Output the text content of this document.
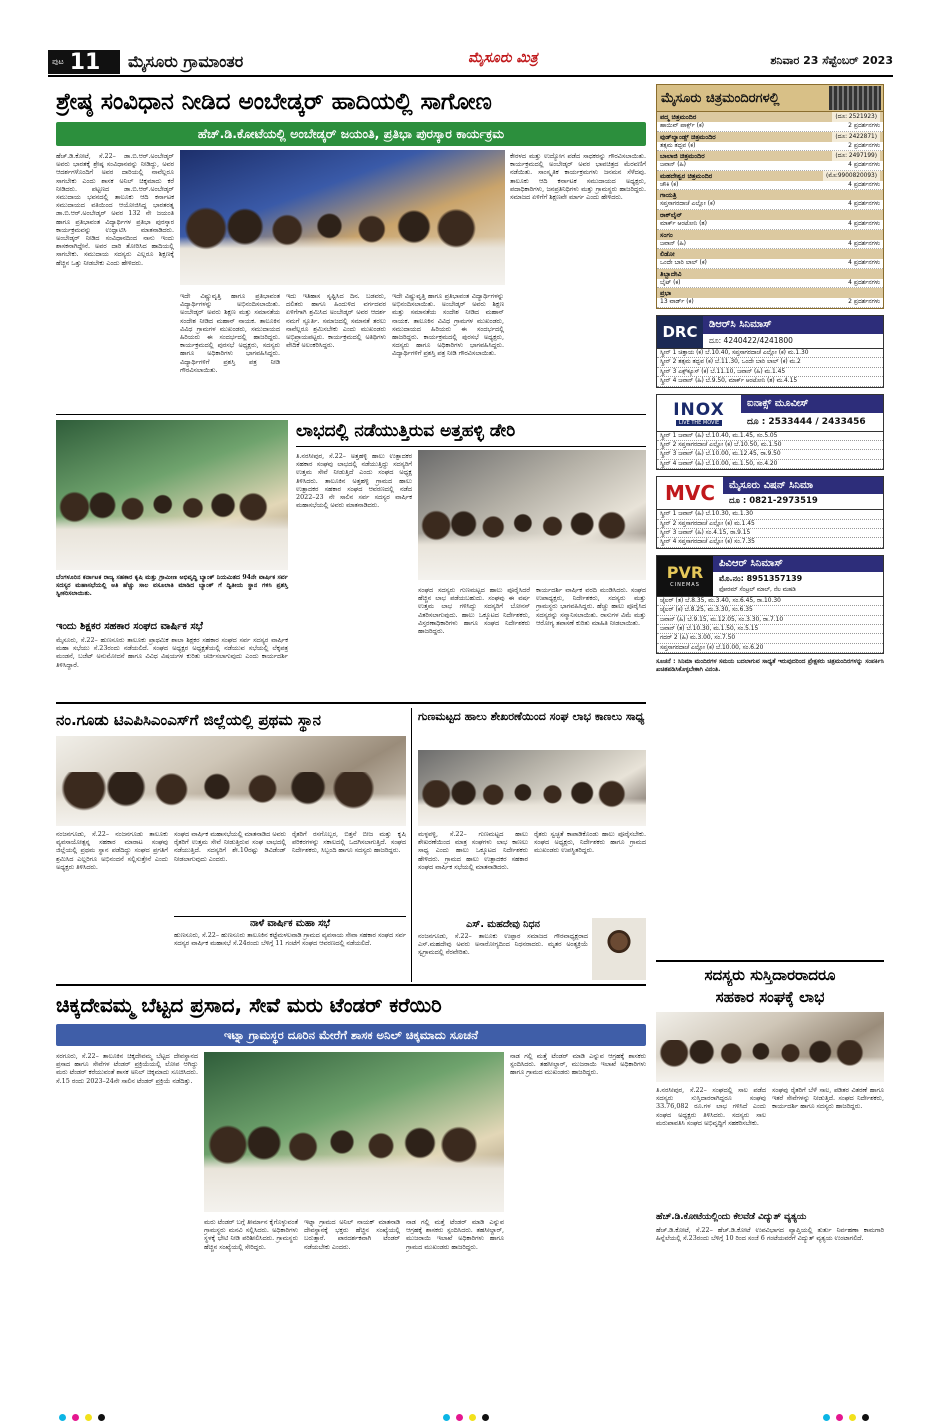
ಪುಟ 11 ಮೈಸೂರು ಗ್ರಾಮಾಂತರ	ಮೈಸೂರು ಮಿತ್ರ	ಶನಿವಾರ 23 ಸೆಪ್ಟೆಂಬರ್ 2023
ಶ್ರೇಷ್ಠ ಸಂವಿಧಾನ ನೀಡಿದ ಅಂಬೇಡ್ಕರ್ ಹಾದಿಯಲ್ಲಿ ಸಾಗೋಣ
ಹೆಚ್.ಡಿ.ಕೋಟೆಯಲ್ಲಿ ಅಂಬೇಡ್ಕರ್ ಜಯಂತಿ, ಪ್ರತಿಭಾ ಪುರಸ್ಕಾರ ಕಾರ್ಯಕ್ರಮ
ಹೆಚ್.ಡಿ.ಕೋಟೆ, ಸೆ.22– ಡಾ.ಬಿ.ಆರ್.ಅಂಬೇಡ್ಕರ್ ಅವರು ಭಾರತಕ್ಕೆ ಶ್ರೇಷ್ಠ ಸಂವಿಧಾನವನ್ನು ನೀಡಿದ್ದು, ಅವರ ಆದರ್ಶಗಳೊಂದಿಗೆ ಅವರ ದಾರಿಯಲ್ಲಿ ನಾವೆಲ್ಲರೂ ಸಾಗಬೇಕು ಎಂದು ಶಾಸಕ ಅನಿಲ್ ಚಿಕ್ಕಮಾದು ಕರೆ ನೀಡಿದರು. ಪಟ್ಟಣದ ಡಾ.ಬಿ.ಆರ್.ಅಂಬೇಡ್ಕರ್ ಸಮುದಾಯ ಭವನದಲ್ಲಿ ತಾಲೂಕು ಆದಿ ಕರ್ನಾಟಕ ಸಮುದಾಯದ ವತಿಯಿಂದ ಆಯೋಜಿಸಿದ್ದ ಭಾರತರತ್ನ ಡಾ.ಬಿ.ಆರ್.ಅಂಬೇಡ್ಕರ್ ಅವರ 132 ನೇ ಜಯಂತಿ ಹಾಗೂ ಪ್ರತಿಭಾವಂತ ವಿದ್ಯಾರ್ಥಿಗಳ ಪ್ರತಿಭಾ ಪುರಸ್ಕಾರ ಕಾರ್ಯಕ್ರಮವನ್ನು ಉದ್ಘಾಟಿಸಿ ಮಾತನಾಡಿದರು. ಅಂಬೇಡ್ಕರ್ ನೀಡಿದ ಸಂವಿಧಾನದಿಂದ ನಾನು ಇಂದು ಶಾಸಕನಾಗಿದ್ದೇನೆ. ಅವರ ದಾರಿ ತೋರಿಸಿದ ಹಾದಿಯಲ್ಲಿ ಸಾಗಬೇಕು. ಸಮುದಾಯ ಸದಸ್ಯರು ಎಲ್ಲರೂ ಶಿಕ್ಷಣಕ್ಕೆ ಹೆಚ್ಚಿನ ಒತ್ತು ನೀಡಬೇಕು ಎಂದು ಹೇಳಿದರು.
ಇದೇ ವಿಷ್ಣುವೃತ್ತಿ ಹಾಗೂ ಪ್ರತಿಭಾವಂತ ವಿದ್ಯಾರ್ಥಿಗಳನ್ನು ಅಭಿನಂದಿಸಲಾಯಿತು. ಅಂಬೇಡ್ಕರ್ ಅವರು ಶಿಕ್ಷಣ ಮತ್ತು ಸಮಾನತೆಯ ಸಂದೇಶ ನೀಡಿದ ಮಹಾನ್ ನಾಯಕ. ತಾಲೂಕಿನ ವಿವಿಧ ಗ್ರಾಮಗಳ ಮುಖಂಡರು, ಸಮುದಾಯದ ಹಿರಿಯರು ಈ ಸಂದರ್ಭದಲ್ಲಿ ಹಾಜರಿದ್ದರು. ಕಾರ್ಯಕ್ರಮದಲ್ಲಿ ಪುರಸಭೆ ಅಧ್ಯಕ್ಷರು, ಸದಸ್ಯರು ಹಾಗೂ ಅಧಿಕಾರಿಗಳು ಭಾಗವಹಿಸಿದ್ದರು. ವಿದ್ಯಾರ್ಥಿಗಳಿಗೆ ಪ್ರಶಸ್ತಿ ಪತ್ರ ನೀಡಿ ಗೌರವಿಸಲಾಯಿತು.
ಇದು ಇತಿಹಾಸ ಸೃಷ್ಟಿಸಿದ ದಿನ. ಬಡವರು, ದಲಿತರು ಹಾಗೂ ಹಿಂದುಳಿದ ವರ್ಗದವರ ಏಳಿಗೆಗಾಗಿ ಶ್ರಮಿಸಿದ ಅಂಬೇಡ್ಕರ್ ಅವರ ಆದರ್ಶ ನಮಗೆ ಸ್ಫೂರ್ತಿ. ಸಮಾಜದಲ್ಲಿ ಸಮಾನತೆ ತರಲು ನಾವೆಲ್ಲರೂ ಶ್ರಮಿಸಬೇಕು ಎಂದು ಮುಖಂಡರು ಅಭಿಪ್ರಾಯಪಟ್ಟರು. ಕಾರ್ಯಕ್ರಮದಲ್ಲಿ ಅತಿಥಿಗಳು ವೇದಿಕೆ ಅಲಂಕರಿಸಿದ್ದರು.
ಇದೇ ವಿಷ್ಣುವೃತ್ತಿ ಹಾಗೂ ಪ್ರತಿಭಾವಂತ ವಿದ್ಯಾರ್ಥಿಗಳನ್ನು ಅಭಿನಂದಿಸಲಾಯಿತು. ಅಂಬೇಡ್ಕರ್ ಅವರು ಶಿಕ್ಷಣ ಮತ್ತು ಸಮಾನತೆಯ ಸಂದೇಶ ನೀಡಿದ ಮಹಾನ್ ನಾಯಕ. ತಾಲೂಕಿನ ವಿವಿಧ ಗ್ರಾಮಗಳ ಮುಖಂಡರು, ಸಮುದಾಯದ ಹಿರಿಯರು ಈ ಸಂದರ್ಭದಲ್ಲಿ ಹಾಜರಿದ್ದರು. ಕಾರ್ಯಕ್ರಮದಲ್ಲಿ ಪುರಸಭೆ ಅಧ್ಯಕ್ಷರು, ಸದಸ್ಯರು ಹಾಗೂ ಅಧಿಕಾರಿಗಳು ಭಾಗವಹಿಸಿದ್ದರು. ವಿದ್ಯಾರ್ಥಿಗಳಿಗೆ ಪ್ರಶಸ್ತಿ ಪತ್ರ ನೀಡಿ ಗೌರವಿಸಲಾಯಿತು.
ಕೇರಳದ ಮತ್ತು ಉದ್ಯೋಗ ಪಡೆದ ಸಾಧಕರನ್ನು ಗೌರವಿಸಲಾಯಿತು. ಕಾರ್ಯಕ್ರಮದಲ್ಲಿ ಅಂಬೇಡ್ಕರ್ ಅವರ ಭಾವಚಿತ್ರದ ಮೆರವಣಿಗೆ ನಡೆಯಿತು. ಸಾಂಸ್ಕೃತಿಕ ಕಾರ್ಯಕ್ರಮಗಳು ಜನಮನ ಸೆಳೆದವು. ತಾಲೂಕು ಆದಿ ಕರ್ನಾಟಕ ಸಮುದಾಯದ ಅಧ್ಯಕ್ಷರು, ಪದಾಧಿಕಾರಿಗಳು, ಜನಪ್ರತಿನಿಧಿಗಳು ಮತ್ತು ಗ್ರಾಮಸ್ಥರು ಹಾಜರಿದ್ದರು. ಸಮಾಜದ ಏಳಿಗೆಗೆ ಶಿಕ್ಷಣವೇ ಮಾರ್ಗ ಎಂದು ಹೇಳಿದರು.
ಬೆಂಗಳೂರಿನ ಕರ್ನಾಟಕ ರಾಜ್ಯ ಸಹಕಾರ ಕೃಷಿ ಮತ್ತು ಗ್ರಾಮೀಣ ಅಭಿವೃದ್ಧಿ ಬ್ಯಾಂಕ್ ನಿಯಮಿತದ 94ನೇ ವಾರ್ಷಿಕ ಸರ್ವ ಸದಸ್ಯರ ಮಹಾಸಭೆಯಲ್ಲಿ ಅತಿ ಹೆಚ್ಚು ಸಾಲ ವಸೂಲಾತಿ ಮಾಡಿದ ಬ್ಯಾಂಕ್ ಗೆ ದ್ವಿತೀಯ ಸ್ಥಾನ ಗಳಿಸಿ ಪ್ರಶಸ್ತಿ ಸ್ವೀಕರಿಸಲಾಯಿತು.
ಇಂದು ಶಿಕ್ಷಕರ ಸಹಕಾರ ಸಂಘದ ವಾರ್ಷಿಕ ಸಭೆ
ಮೈಸೂರು, ಸೆ.22– ಹುಣಸೂರು ತಾಲೂಕು ಪ್ರಾಥಮಿಕ ಶಾಲಾ ಶಿಕ್ಷಕರ ಸಹಕಾರ ಸಂಘದ ಸರ್ವ ಸದಸ್ಯರ ವಾರ್ಷಿಕ ಮಹಾ ಸಭೆಯು ಸೆ.23ರಂದು ನಡೆಯಲಿದೆ. ಸಂಘದ ಅಧ್ಯಕ್ಷರ ಅಧ್ಯಕ್ಷತೆಯಲ್ಲಿ ನಡೆಯುವ ಸಭೆಯಲ್ಲಿ ಲೆಕ್ಕಪತ್ರ ಮಂಡನೆ, ಬಜೆಟ್ ಅನುಮೋದನೆ ಹಾಗೂ ವಿವಿಧ ವಿಷಯಗಳ ಕುರಿತು ಚರ್ಚಿಸಲಾಗುವುದು ಎಂದು ಕಾರ್ಯದರ್ಶಿ ತಿಳಿಸಿದ್ದಾರೆ.
ಲಾಭದಲ್ಲಿ ನಡೆಯುತ್ತಿರುವ ಅತ್ತಹಳ್ಳಿ ಡೇರಿ
ತಿ.ನರಸೀಪುರ, ಸೆ.22– ಅತ್ತಹಳ್ಳಿ ಹಾಲು ಉತ್ಪಾದಕರ ಸಹಕಾರ ಸಂಘವು ಲಾಭದಲ್ಲಿ ನಡೆಯುತ್ತಿದ್ದು ಸದಸ್ಯರಿಗೆ ಉತ್ತಮ ಸೇವೆ ನೀಡುತ್ತಿದೆ ಎಂದು ಸಂಘದ ಅಧ್ಯಕ್ಷ ತಿಳಿಸಿದರು. ತಾಲೂಕಿನ ಅತ್ತಹಳ್ಳಿ ಗ್ರಾಮದ ಹಾಲು ಉತ್ಪಾದಕರ ಸಹಕಾರ ಸಂಘದ ಆವರಣದಲ್ಲಿ ನಡೆದ 2022–23 ನೇ ಸಾಲಿನ ಸರ್ವ ಸದಸ್ಯರ ವಾರ್ಷಿಕ ಮಹಾಸಭೆಯಲ್ಲಿ ಅವರು ಮಾತನಾಡಿದರು.
ಸಂಘದ ಸದಸ್ಯರು ಗುಣಮಟ್ಟದ ಹಾಲು ಪೂರೈಸಿದರೆ ಹೆಚ್ಚಿನ ಲಾಭ ಪಡೆಯಬಹುದು. ಸಂಘವು ಈ ವರ್ಷ ಉತ್ತಮ ಲಾಭ ಗಳಿಸಿದ್ದು ಸದಸ್ಯರಿಗೆ ಬೋನಸ್ ವಿತರಿಸಲಾಗುವುದು. ಹಾಲು ಒಕ್ಕೂಟದ ನಿರ್ದೇಶಕರು, ವಿಸ್ತರಣಾಧಿಕಾರಿಗಳು ಹಾಗೂ ಸಂಘದ ನಿರ್ದೇಶಕರು ಹಾಜರಿದ್ದರು.
ಕಾರ್ಯದರ್ಶಿ ವಾರ್ಷಿಕ ವರದಿ ಮಂಡಿಸಿದರು. ಸಂಘದ ಉಪಾಧ್ಯಕ್ಷರು, ನಿರ್ದೇಶಕರು, ಸದಸ್ಯರು ಮತ್ತು ಗ್ರಾಮಸ್ಥರು ಭಾಗವಹಿಸಿದ್ದರು. ಹೆಚ್ಚು ಹಾಲು ಪೂರೈಸಿದ ಸದಸ್ಯರನ್ನು ಸನ್ಮಾನಿಸಲಾಯಿತು. ರಾಸುಗಳ ವಿಮೆ ಮತ್ತು ಆರೋಗ್ಯ ತಪಾಸಣೆ ಕುರಿತು ಮಾಹಿತಿ ನೀಡಲಾಯಿತು.
ನಂ.ಗೂಡು ಟಿಎಪಿಸಿಎಂಎಸ್‌ಗೆ ಜಿಲ್ಲೆಯಲ್ಲಿ ಪ್ರಥಮ ಸ್ಥಾನ
ನಂಜನಗೂಡು, ಸೆ.22– ನಂಜನಗೂಡು ತಾಲೂಕು ವ್ಯವಸಾಯೋತ್ಪನ್ನ ಸಹಕಾರ ಮಾರಾಟ ಸಂಘವು ಜಿಲ್ಲೆಯಲ್ಲಿ ಪ್ರಥಮ ಸ್ಥಾನ ಪಡೆದಿದ್ದು ಸಂಘದ ಪ್ರಗತಿಗೆ ಶ್ರಮಿಸಿದ ಎಲ್ಲರಿಗೂ ಅಭಿನಂದನೆ ಸಲ್ಲಿಸುತ್ತೇನೆ ಎಂದು ಅಧ್ಯಕ್ಷರು ತಿಳಿಸಿದರು.
ಸಂಘದ ವಾರ್ಷಿಕ ಮಹಾಸಭೆಯಲ್ಲಿ ಮಾತನಾಡಿದ ಅವರು ರೈತರಿಗೆ ಉತ್ತಮ ಸೇವೆ ನೀಡುತ್ತಿರುವ ಸಂಘ ಲಾಭದಲ್ಲಿ ನಡೆಯುತ್ತಿದೆ. ಸದಸ್ಯರಿಗೆ ಶೇ.10ರಷ್ಟು ಡಿವಿಡೆಂಡ್ ನೀಡಲಾಗುವುದು ಎಂದರು.
ರೈತರಿಗೆ ರಸಗೊಬ್ಬರ, ಬಿತ್ತನೆ ಬೀಜ ಮತ್ತು ಕೃಷಿ ಪರಿಕರಗಳನ್ನು ಸಕಾಲದಲ್ಲಿ ಒದಗಿಸಲಾಗುತ್ತಿದೆ. ಸಂಘದ ನಿರ್ದೇಶಕರು, ಸಿಬ್ಬಂದಿ ಹಾಗೂ ಸದಸ್ಯರು ಹಾಜರಿದ್ದರು.
ನಾಳೆ ವಾರ್ಷಿಕ ಮಹಾ ಸಭೆ
ಹುಣಸೂರು, ಸೆ.22– ಹುಣಸೂರು ತಾಲೂಕಿನ ಕಟ್ಟೆಮಳಲವಾಡಿ ಗ್ರಾಮದ ವ್ಯವಸಾಯ ಸೇವಾ ಸಹಕಾರ ಸಂಘದ ಸರ್ವ ಸದಸ್ಯರ ವಾರ್ಷಿಕ ಮಹಾಸಭೆ ಸೆ.24ರಂದು ಬೆಳಿಗ್ಗೆ 11 ಗಂಟೆಗೆ ಸಂಘದ ಆವರಣದಲ್ಲಿ ನಡೆಯಲಿದೆ.
ಗುಣಮಟ್ಟದ ಹಾಲು ಶೇಖರಣೆಯಿಂದ ಸಂಘ ಲಾಭ ಕಾಣಲು ಸಾಧ್ಯ
ಮಳ್ಳವಳ್ಳಿ, ಸೆ.22– ಗುಣಮಟ್ಟದ ಹಾಲು ಶೇಖರಣೆಯಿಂದ ಮಾತ್ರ ಸಂಘಗಳು ಲಾಭ ಕಾಣಲು ಸಾಧ್ಯ ಎಂದು ಹಾಲು ಒಕ್ಕೂಟದ ನಿರ್ದೇಶಕರು ಹೇಳಿದರು. ಗ್ರಾಮದ ಹಾಲು ಉತ್ಪಾದಕರ ಸಹಕಾರ ಸಂಘದ ವಾರ್ಷಿಕ ಸಭೆಯಲ್ಲಿ ಮಾತನಾಡಿದರು.
ರೈತರು ಸ್ವಚ್ಛತೆ ಕಾಪಾಡಿಕೊಂಡು ಹಾಲು ಪೂರೈಸಬೇಕು. ಸಂಘದ ಅಧ್ಯಕ್ಷರು, ನಿರ್ದೇಶಕರು ಹಾಗೂ ಗ್ರಾಮದ ಮುಖಂಡರು ಉಪಸ್ಥಿತರಿದ್ದರು.
ಎಸ್. ಮಹದೇವು ನಿಧನ
ನಂಜನಗೂಡು, ಸೆ.22– ತಾಲೂಕು ಉಪ್ಪಾರ ಸಮಾಜದ ಗೌರವಾಧ್ಯಕ್ಷರಾದ ಎಸ್.ಮಹದೇವು ಅವರು ಅನಾರೋಗ್ಯದಿಂದ ನಿಧನರಾದರು. ಮೃತರ ಅಂತ್ಯಕ್ರಿಯೆ ಸ್ವಗ್ರಾಮದಲ್ಲಿ ನೆರವೇರಿತು.
ಚಿಕ್ಕದೇವಮ್ಮ ಬೆಟ್ಟದ ಪ್ರಸಾದ, ಸೇವೆ ಮರು ಟೆಂಡರ್ ಕರೆಯಿರಿ
ಇಟ್ನಾ ಗ್ರಾಮಸ್ಥರ ದೂರಿನ ಮೇರೆಗೆ ಶಾಸಕ ಅನಿಲ್ ಚಿಕ್ಕಮಾದು ಸೂಚನೆ
ಸರಗೂರು, ಸೆ.22– ತಾಲೂಕಿನ ಚಿಕ್ಕದೇವಮ್ಮ ಬೆಟ್ಟದ ದೇವಸ್ಥಾನದ ಪ್ರಸಾದ ಹಾಗೂ ಸೇವೆಗಳ ಟೆಂಡರ್ ಪ್ರಕ್ರಿಯೆಯಲ್ಲಿ ಲೋಪ ಆಗಿದ್ದು ಮರು ಟೆಂಡರ್ ಕರೆಯುವಂತೆ ಶಾಸಕ ಅನಿಲ್ ಚಿಕ್ಕಮಾದು ಸೂಚಿಸಿದರು. ಸೆ.15 ರಂದು 2023–24ನೇ ಸಾಲಿನ ಟೆಂಡರ್ ಪ್ರಕ್ರಿಯೆ ನಡೆದಿತ್ತು.
ಮರು ಟೆಂಡರ್ ಬಗ್ಗೆ ತೀರ್ಮಾನ ಕೈಗೊಳ್ಳುವಂತೆ ಗ್ರಾಮಸ್ಥರು ಮನವಿ ಸಲ್ಲಿಸಿದರು. ಅಧಿಕಾರಿಗಳು ಸ್ಥಳಕ್ಕೆ ಭೇಟಿ ನೀಡಿ ಪರಿಶೀಲಿಸಿದರು. ಗ್ರಾಮಸ್ಥರು ಹೆಚ್ಚಿನ ಸಂಖ್ಯೆಯಲ್ಲಿ ಸೇರಿದ್ದರು.
ಇಟ್ನಾ ಗ್ರಾಮದ ಅನಿಲ್ ನಾಯಕ್ ಮಾತನಾಡಿ ದೇವಸ್ಥಾನಕ್ಕೆ ಭಕ್ತರು ಹೆಚ್ಚಿನ ಸಂಖ್ಯೆಯಲ್ಲಿ ಬರುತ್ತಾರೆ. ಪಾರದರ್ಶಕವಾಗಿ ಟೆಂಡರ್ ನಡೆಯಬೇಕು ಎಂದರು.
ನಾಡ ಗಲ್ಲಿ ಮತ್ತೆ ಟೆಂಡರ್ ಮಾಡಿ ಎನ್ನುವ ಆಗ್ರಹಕ್ಕೆ ಶಾಸಕರು ಸ್ಪಂದಿಸಿದರು. ತಹಸೀಲ್ದಾರ್, ಮುಜರಾಯಿ ಇಲಾಖೆ ಅಧಿಕಾರಿಗಳು ಹಾಗೂ ಗ್ರಾಮದ ಮುಖಂಡರು ಹಾಜರಿದ್ದರು.
ನಾಡ ಗಲ್ಲಿ ಮತ್ತೆ ಟೆಂಡರ್ ಮಾಡಿ ಎನ್ನುವ ಆಗ್ರಹಕ್ಕೆ ಶಾಸಕರು ಸ್ಪಂದಿಸಿದರು. ತಹಸೀಲ್ದಾರ್, ಮುಜರಾಯಿ ಇಲಾಖೆ ಅಧಿಕಾರಿಗಳು ಹಾಗೂ ಗ್ರಾಮದ ಮುಖಂಡರು ಹಾಜರಿದ್ದರು.
ಮೈಸೂರು ಚಿತ್ರಮಂದಿರಗಳಲ್ಲಿ
ಪದ್ಮ ಚಿತ್ರಮಂದಿರ	(ದೂ: 2521923)
ಹಾಯಿವ್ ಪಾರ್ಕ್ಸ್ (ಕ)	2 ಪ್ರದರ್ಶನಗಳು
ವುಡ್‌ಲ್ಯಾಂಡ್ಸ್ ಚಿತ್ರಮಂದಿರ	(ದೂ: 2422871)
ತತ್ಸಮ ತದ್ಭವ (ಕ)	2 ಪ್ರದರ್ಶನಗಳು
ಬಾಲಾಜಿ ಚಿತ್ರಮಂದಿರ	(ದೂ: 2497199)
ಜವಾನ್ (ಹಿ)	4 ಪ್ರದರ್ಶನಗಳು
ಮಹದೇಶ್ವರ ಚಿತ್ರಮಂದಿರ	(ಮೊ:9900820093)
ಚೌಕಿ (ಕ)	4 ಪ್ರದರ್ಶನಗಳು
ಗಾಯತ್ರಿ
ಸಪ್ತಸಾಗರದಾಚೆ ಎಲ್ಲೋ (ಕ)	4 ಪ್ರದರ್ಶನಗಳು
ರಾಕ್‌ಲೈನ್
ಮಾರ್ಕ್ ಆಂಟೋನಿ (ತ)	4 ಪ್ರದರ್ಶನಗಳು
ಸಂಗಂ
ಜವಾನ್ (ಹಿ)	4 ಪ್ರದರ್ಶನಗಳು
ಲಿಡೋ
ಒಂದೇ ಬಾರಿ ಲಾಲ್ (ಕ)	4 ಪ್ರದರ್ಶನಗಳು
ತಿಬ್ಬಾದೇವಿ
ಬೈಟ್ (ಕ)	4 ಪ್ರದರ್ಶನಗಳು
ಪ್ರಭಾ
13 ವಾರ್ಡ್ (ಕ)	2 ಪ್ರದರ್ಶನಗಳು
DRC	ಡಿಆರ್‌ಸಿ ಸಿನಿಮಾಸ್
ದೂ: 4240422/4241800
ಸ್ಕ್ರೀನ್ 1 ಚಿತ್ತಾಯ (ಕ) ಬೆ.10.40, ಸಪ್ತಸಾಗರದಾಚೆ ಎಲ್ಲೋ (ಕ) ಮ.1.30
ಸ್ಕ್ರೀನ್ 2 ತತ್ಸಮ ತದ್ಭವ (ಕ) ಬೆ.11.30, ಒಂದೇ ಬಾರಿ ಲಾಲ್ (ಕ) ಮ.2
ಸ್ಕ್ರೀನ್ 3 ಎಕ್ಸ್‌ಕ್ಯೂಸ್ (ಕ) ಬೆ.11.10, ಜವಾನ್ (ಹಿ) ಮ.1.45
ಸ್ಕ್ರೀನ್ 4 ಜವಾನ್ (ಹಿ) ಬೆ.9.50, ಮಾರ್ಕ್ ಆಂಟೋನಿ (ತ) ಮ.4.15
INOX
LIVE THE MOVIE
ಐನಾಕ್ಸ್ ಮೂವೀಸ್
ದೂ : 2533444 / 2433456
ಸ್ಕ್ರೀನ್ 1 ಜವಾನ್ (ಹಿ) ಬೆ.10.40, ಮ.1.45, ಸಂ.5.05
ಸ್ಕ್ರೀನ್ 2 ಸಪ್ತಸಾಗರದಾಚೆ ಎಲ್ಲೋ (ಕ) ಬೆ.10.50, ಮ.1.50
ಸ್ಕ್ರೀನ್ 3 ಜವಾನ್ (ಹಿ) ಬೆ.10.00, ಮ.12.45, ರಾ.9.50
ಸ್ಕ್ರೀನ್ 4 ಜವಾನ್ (ಹಿ) ಬೆ.10.00, ಮ.1.50, ಸಂ.4.20
MVC	ಮೈಸೂರು ವಿಷನ್ ಸಿನಿಮಾ
ದೂ : 0821-2973519
ಸ್ಕ್ರೀನ್ 1 ಜವಾನ್ (ಹಿ) ಬೆ.10.30, ಮ.1.30
ಸ್ಕ್ರೀನ್ 2 ಸಪ್ತಸಾಗರದಾಚೆ ಎಲ್ಲೋ (ಕ) ಮ.1.45
ಸ್ಕ್ರೀನ್ 3 ಜವಾನ್ (ಹಿ) ಸಂ.4.15, ರಾ.9.15
ಸ್ಕ್ರೀನ್ 4 ಸಪ್ತಸಾಗರದಾಚೆ ಎಲ್ಲೋ (ಕ) ಸಂ.7.35
PVR
CINEMAS
ಪಿವಿಆರ್ ಸಿನಿಮಾಸ್
ಮೊ.ನಂ: 8951357139
ಫೋರಮ್ ಸೆಂಟ್ರಲ್ ಮಾಲ್, ನೆಲ ಮಹಡಿ
ಜೈಲರ್ (ತ) ಬೆ.8.35, ಮ.3.40, ಸಂ.6.45, ರಾ.10.30
ಜೈಲರ್ (ಕ) ಬೆ.8.25, ಮ.3.30, ಸಂ.6.35
ಜವಾನ್ (ಹಿ) ಬೆ.9.15, ಮ.12.05, ಸಂ.3.30, ರಾ.7.10
ಜವಾನ್ (ತ) ಬೆ.10.30, ಮ.1.50, ಸಂ.5.15
ಗದರ್ 2 (ಹಿ) ಮ.3.00, ಸಂ.7.50
ಸಪ್ತಸಾಗರದಾಚೆ ಎಲ್ಲೋ (ಕ) ಬೆ.10.00, ಸಂ.6.20
ಸೂಚನೆ : ಸಿನಿಮಾ ಮಂದಿರಗಳ ಸಮಯ ಬದಲಾಗುವ ಸಾಧ್ಯತೆ ಇರುವುದರಿಂದ ಪ್ರೇಕ್ಷಕರು ಚಿತ್ರಮಂದಿರಗಳನ್ನು ಸಂಪರ್ಕಿಸಿ ಖಚಿತಪಡಿಸಿಕೊಳ್ಳಬೇಕಾಗಿ ವಿನಂತಿ.
ಸದಸ್ಯರು ಸುಸ್ತಿದಾರರಾದರೂ
ಸಹಕಾರ ಸಂಘಕ್ಕೆ ಲಾಭ
ತಿ.ನರಸೀಪುರ, ಸೆ.22– ಸಂಘದಲ್ಲಿ ಸಾಲ ಪಡೆದ ಸದಸ್ಯರು ಸುಸ್ತಿದಾರರಾಗಿದ್ದರೂ ಸಂಘವು 33.76,082 ರೂ.ಗಳ ಲಾಭ ಗಳಿಸಿದೆ ಎಂದು ಸಂಘದ ಅಧ್ಯಕ್ಷರು ತಿಳಿಸಿದರು. ಸದಸ್ಯರು ಸಾಲ ಮರುಪಾವತಿಸಿ ಸಂಘದ ಅಭಿವೃದ್ಧಿಗೆ ಸಹಕರಿಸಬೇಕು.
ಸಂಘವು ರೈತರಿಗೆ ಬೆಳೆ ಸಾಲ, ಪಡಿತರ ವಿತರಣೆ ಹಾಗೂ ಇತರೆ ಸೇವೆಗಳನ್ನು ನೀಡುತ್ತಿದೆ. ಸಂಘದ ನಿರ್ದೇಶಕರು, ಕಾರ್ಯದರ್ಶಿ ಹಾಗೂ ಸದಸ್ಯರು ಹಾಜರಿದ್ದರು.
ಹೆಚ್.ಡಿ.ಕೋಟೆಯಲ್ಲಿಂದು ಕೆಲವೆಡೆ ವಿದ್ಯುತ್ ವ್ಯತ್ಯಯ
ಹೆಚ್.ಡಿ.ಕೋಟೆ, ಸೆ.22– ಹೆಚ್.ಡಿ.ಕೋಟೆ ಉಪವಿಭಾಗದ ವ್ಯಾಪ್ತಿಯಲ್ಲಿ ತುರ್ತು ನಿರ್ವಹಣಾ ಕಾಮಗಾರಿ ಹಿನ್ನೆಲೆಯಲ್ಲಿ ಸೆ.23ರಂದು ಬೆಳಿಗ್ಗೆ 10 ರಿಂದ ಸಂಜೆ 6 ಗಂಟೆಯವರೆಗೆ ವಿದ್ಯುತ್ ವ್ಯತ್ಯಯ ಉಂಟಾಗಲಿದೆ.
